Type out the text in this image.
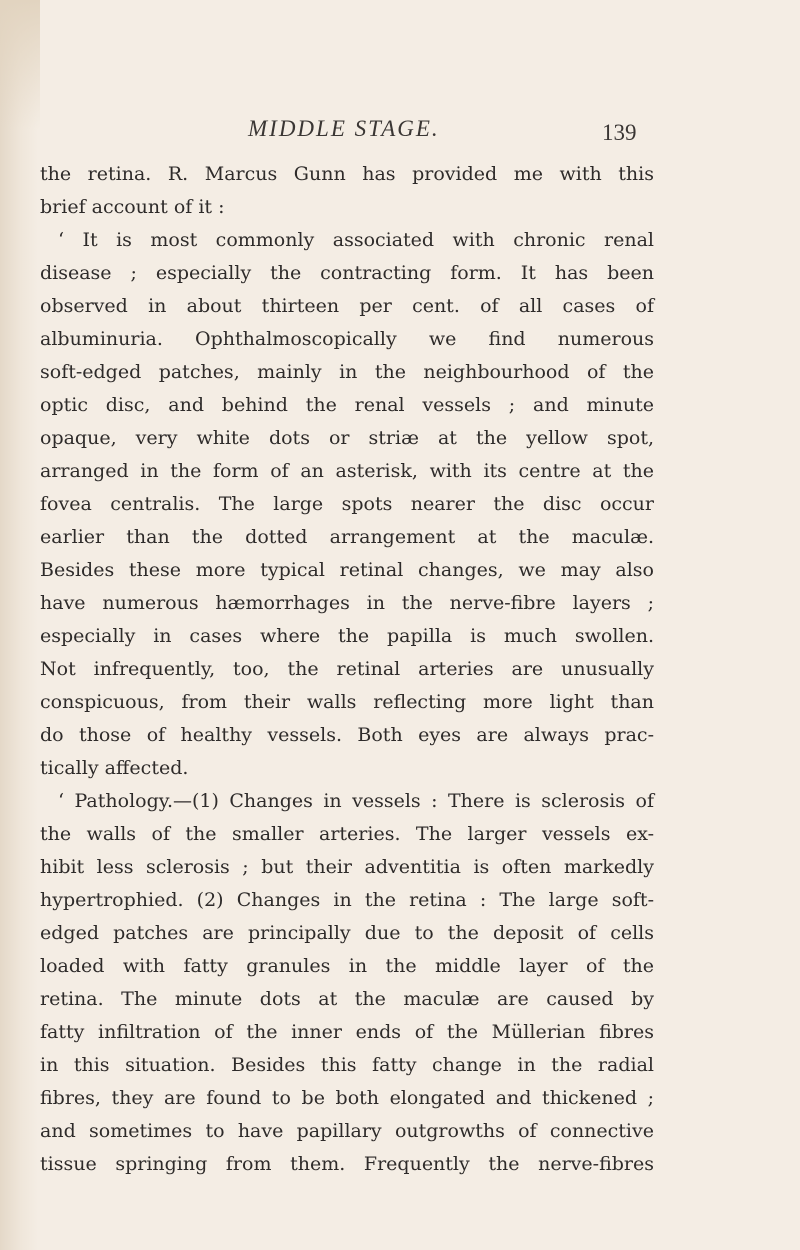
MIDDLE STAGE.	139
the retina. R. Marcus Gunn has provided me with this
brief account of it :
‘ It is most commonly associated with chronic renal
disease ; especially the contracting form. It has been
observed in about thirteen per cent. of all cases of
albuminuria. Ophthalmoscopically we find numerous
soft-edged patches, mainly in the neighbourhood of the
optic disc, and behind the renal vessels ; and minute
opaque, very white dots or striæ at the yellow spot,
arranged in the form of an asterisk, with its centre at the
fovea centralis. The large spots nearer the disc occur
earlier than the dotted arrangement at the maculæ.
Besides these more typical retinal changes, we may also
have numerous hæmorrhages in the nerve-fibre layers ;
especially in cases where the papilla is much swollen.
Not infrequently, too, the retinal arteries are unusually
conspicuous, from their walls reflecting more light than
do those of healthy vessels. Both eyes are always prac-
tically affected.
‘ Pathology.—(1) Changes in vessels : There is sclerosis of
the walls of the smaller arteries. The larger vessels ex-
hibit less sclerosis ; but their adventitia is often markedly
hypertrophied. (2) Changes in the retina : The large soft-
edged patches are principally due to the deposit of cells
loaded with fatty granules in the middle layer of the
retina. The minute dots at the maculæ are caused by
fatty infiltration of the inner ends of the Müllerian fibres
in this situation. Besides this fatty change in the radial
fibres, they are found to be both elongated and thickened ;
and sometimes to have papillary outgrowths of connective
tissue springing from them. Frequently the nerve-fibres
